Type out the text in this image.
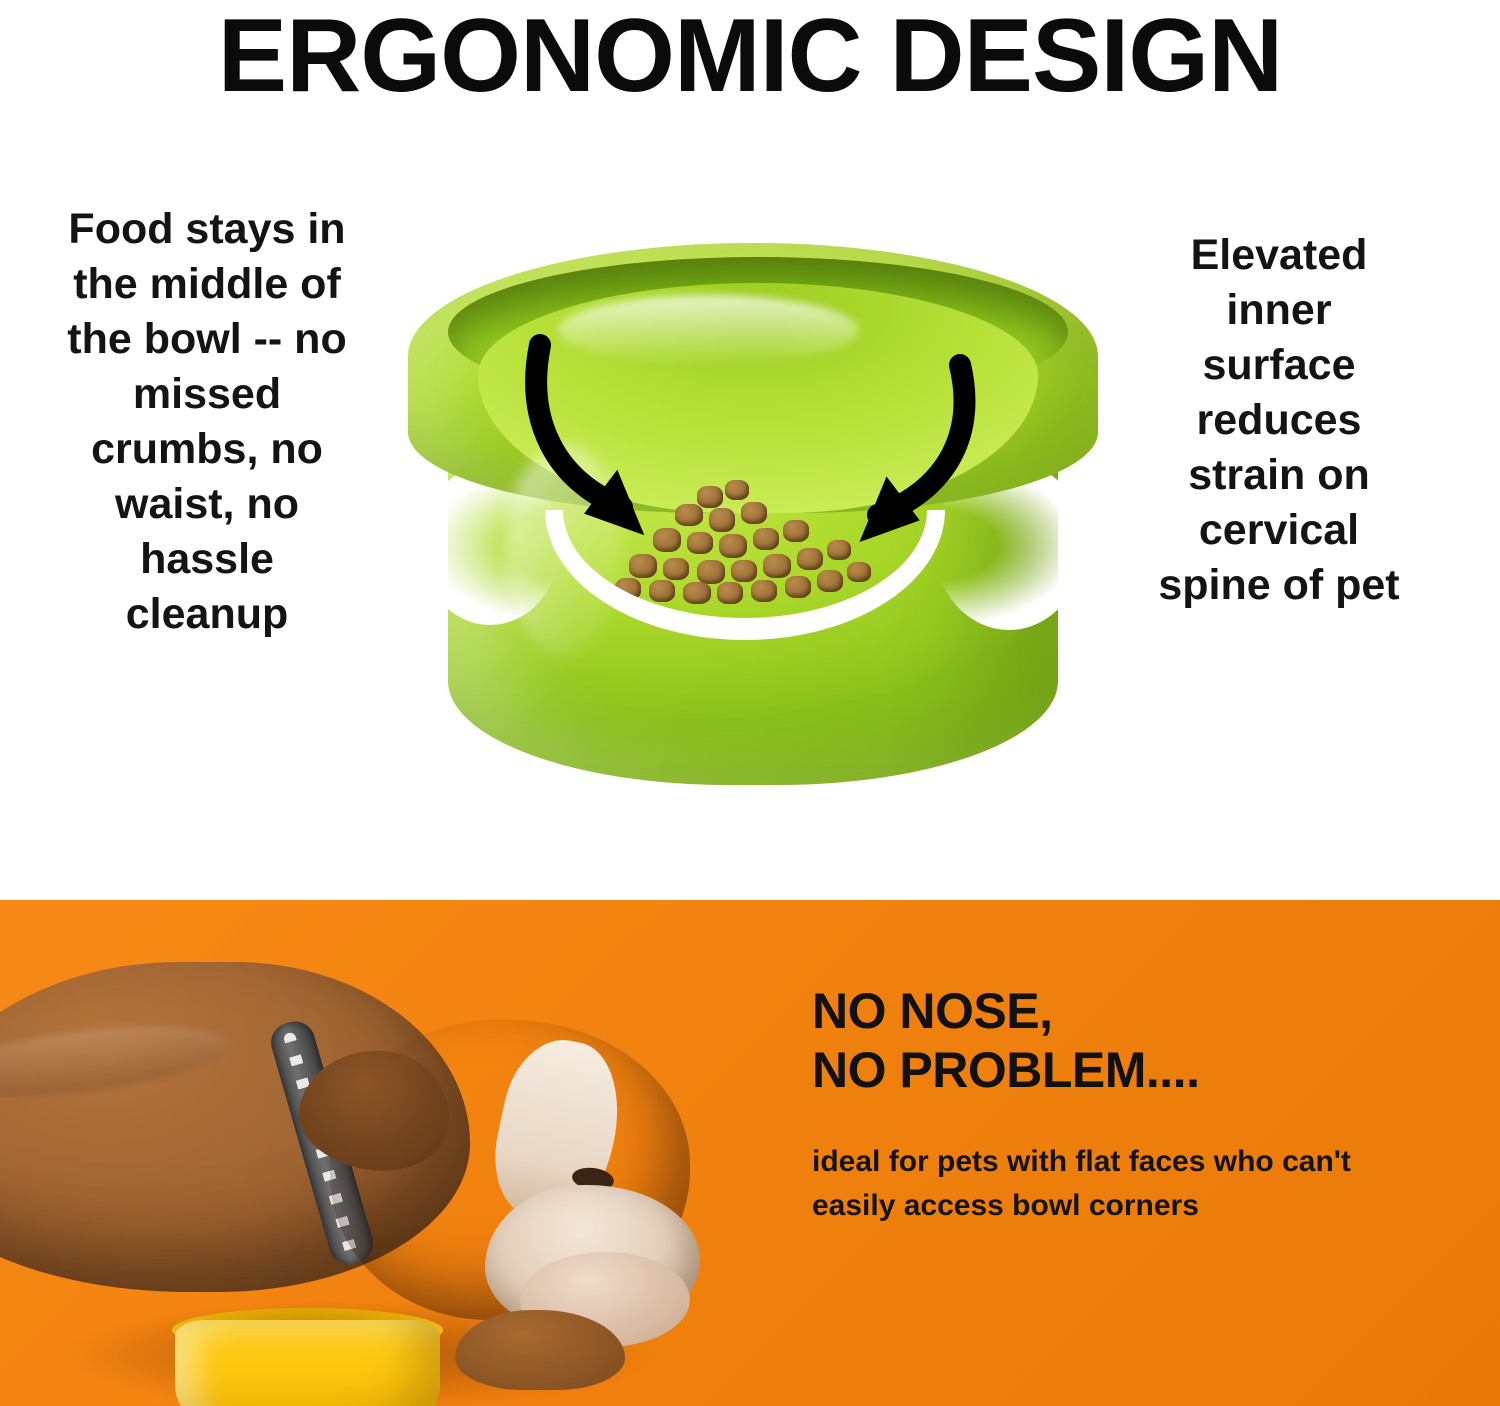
ERGONOMIC DESIGN
Food stays in the middle of the bowl -- no missed crumbs, no waist, no hassle cleanup
Elevated inner surface reduces strain on cervical spine of pet
NO NOSE,
NO PROBLEM....
ideal for pets with flat faces who can't easily access bowl corners
